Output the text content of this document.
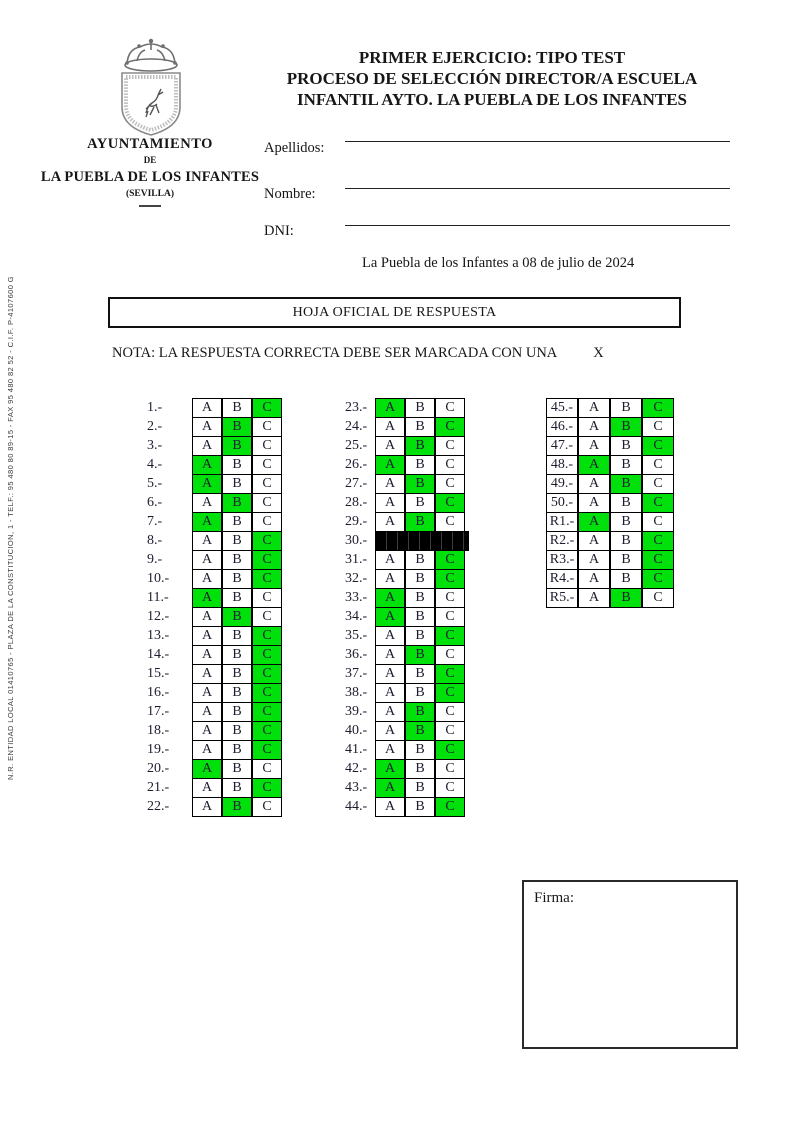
N.R. ENTIDAD LOCAL 01410765 - PLAZA DE LA CONSTITUCION, 1 - TELF.: 95 480 80 89-15 - FAX 95 480 82 52 - C.I.F. P-4107600 G
AYUNTAMIENTO
DE
LA PUEBLA DE LOS INFANTES
(SEVILLA)
PRIMER EJERCICIO: TIPO TEST
PROCESO DE SELECCIÓN DIRECTOR/A ESCUELA
INFANTIL AYTO. LA PUEBLA DE LOS INFANTES
Apellidos:
Nombre:
DNI:
La Puebla de los Infantes a 08 de julio de 2024
HOJA OFICIAL DE RESPUESTA
NOTA: LA RESPUESTA CORRECTA DEBE SER MARCADA CON UNA X
1.-	A	B	C
2.-	A	B	C
3.-	A	B	C
4.-	A	B	C
5.-	A	B	C
6.-	A	B	C
7.-	A	B	C
8.-	A	B	C
9.-	A	B	C
10.-	A	B	C
11.-	A	B	C
12.-	A	B	C
13.-	A	B	C
14.-	A	B	C
15.-	A	B	C
16.-	A	B	C
17.-	A	B	C
18.-	A	B	C
19.-	A	B	C
20.-	A	B	C
21.-	A	B	C
22.-	A	B	C
23.-	A	B	C
24.-	A	B	C
25.-	A	B	C
26.-	A	B	C
27.-	A	B	C
28.-	A	B	C
29.-	A	B	C
30.-
31.-	A	B	C
32.-	A	B	C
33.-	A	B	C
34.-	A	B	C
35.-	A	B	C
36.-	A	B	C
37.-	A	B	C
38.-	A	B	C
39.-	A	B	C
40.-	A	B	C
41.-	A	B	C
42.-	A	B	C
43.-	A	B	C
44.-	A	B	C
45.-	A	B	C
46.-	A	B	C
47.-	A	B	C
48.-	A	B	C
49.-	A	B	C
50.-	A	B	C
R1.-	A	B	C
R2.-	A	B	C
R3.-	A	B	C
R4.-	A	B	C
R5.-	A	B	C
Firma:
